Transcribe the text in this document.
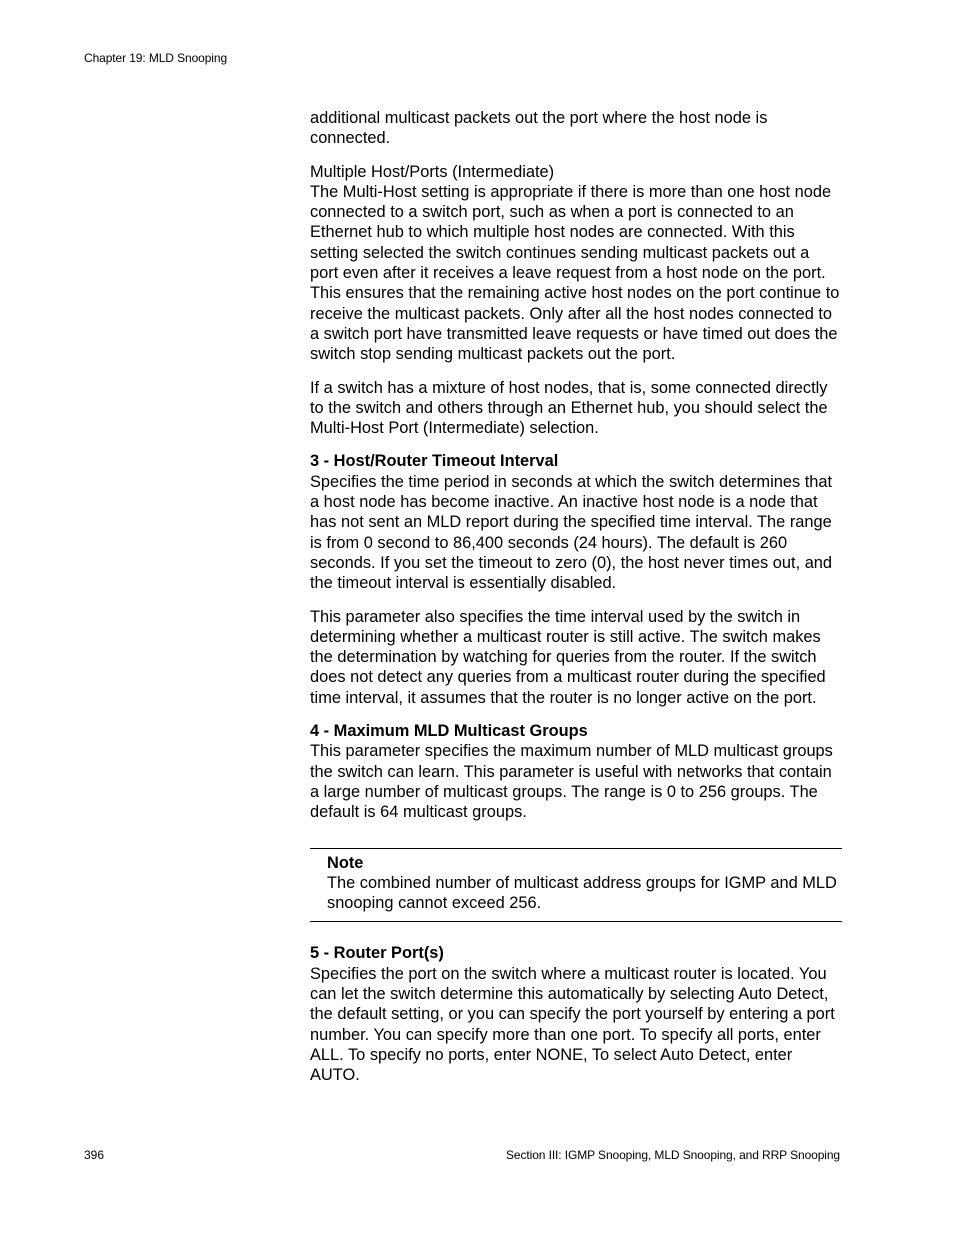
Chapter 19: MLD Snooping

additional multicast packets out the port where the host node is connected.

Multiple Host/Ports (Intermediate)

The Multi-Host setting is appropriate if there is more than one host node connected to a switch port, such as when a port is connected to an Ethernet hub to which multiple host nodes are connected. With this setting selected the switch continues sending multicast packets out a port even after it receives a leave request from a host node on the port. This ensures that the remaining active host nodes on the port continue to receive the multicast packets. Only after all the host nodes connected to a switch port have transmitted leave requests or have timed out does the switch stop sending multicast packets out the port.

If a switch has a mixture of host nodes, that is, some connected directly to the switch and others through an Ethernet hub, you should select the Multi-Host Port (Intermediate) selection.

3 - Host/Router Timeout Interval

Specifies the time period in seconds at which the switch determines that a host node has become inactive. An inactive host node is a node that has not sent an MLD report during the specified time interval. The range is from 0 second to 86,400 seconds (24 hours). The default is 260 seconds. If you set the timeout to zero (0), the host never times out, and the timeout interval is essentially disabled.

This parameter also specifies the time interval used by the switch in determining whether a multicast router is still active. The switch makes the determination by watching for queries from the router. If the switch does not detect any queries from a multicast router during the specified time interval, it assumes that the router is no longer active on the port.

4 - Maximum MLD Multicast Groups

This parameter specifies the maximum number of MLD multicast groups the switch can learn. This parameter is useful with networks that contain a large number of multicast groups. The range is 0 to 256 groups. The default is 64 multicast groups.

Note
The combined number of multicast address groups for IGMP and MLD snooping cannot exceed 256.

5 - Router Port(s)

Specifies the port on the switch where a multicast router is located. You can let the switch determine this automatically by selecting Auto Detect, the default setting, or you can specify the port yourself by entering a port number. You can specify more than one port. To specify all ports, enter ALL. To specify no ports, enter NONE, To select Auto Detect, enter AUTO.

396	Section III: IGMP Snooping, MLD Snooping, and RRP Snooping
